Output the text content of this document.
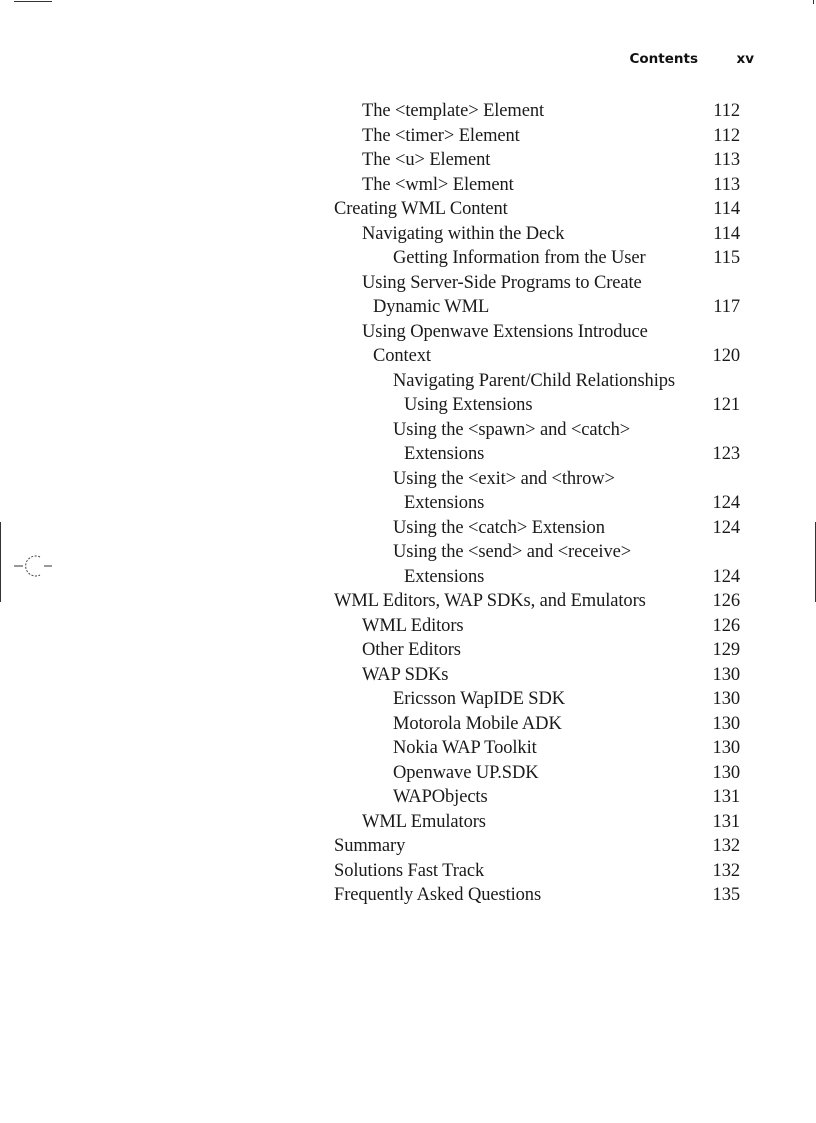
Contents	xv
The <template> Element	112
The <timer> Element	112
The <u> Element	113
The <wml> Element	113
Creating WML Content	114
Navigating within the Deck	114
Getting Information from the User	115
Using Server-Side Programs to Create
Dynamic WML	117
Using Openwave Extensions Introduce
Context	120
Navigating Parent/Child Relationships
Using Extensions	121
Using the <spawn> and <catch>
Extensions	123
Using the <exit> and <throw>
Extensions	124
Using the <catch> Extension	124
Using the <send> and <receive>
Extensions	124
WML Editors, WAP SDKs, and Emulators	126
WML Editors	126
Other Editors	129
WAP SDKs	130
Ericsson WapIDE SDK	130
Motorola Mobile ADK	130
Nokia WAP Toolkit	130
Openwave UP.SDK	130
WAPObjects	131
WML Emulators	131
Summary	132
Solutions Fast Track	132
Frequently Asked Questions	135
